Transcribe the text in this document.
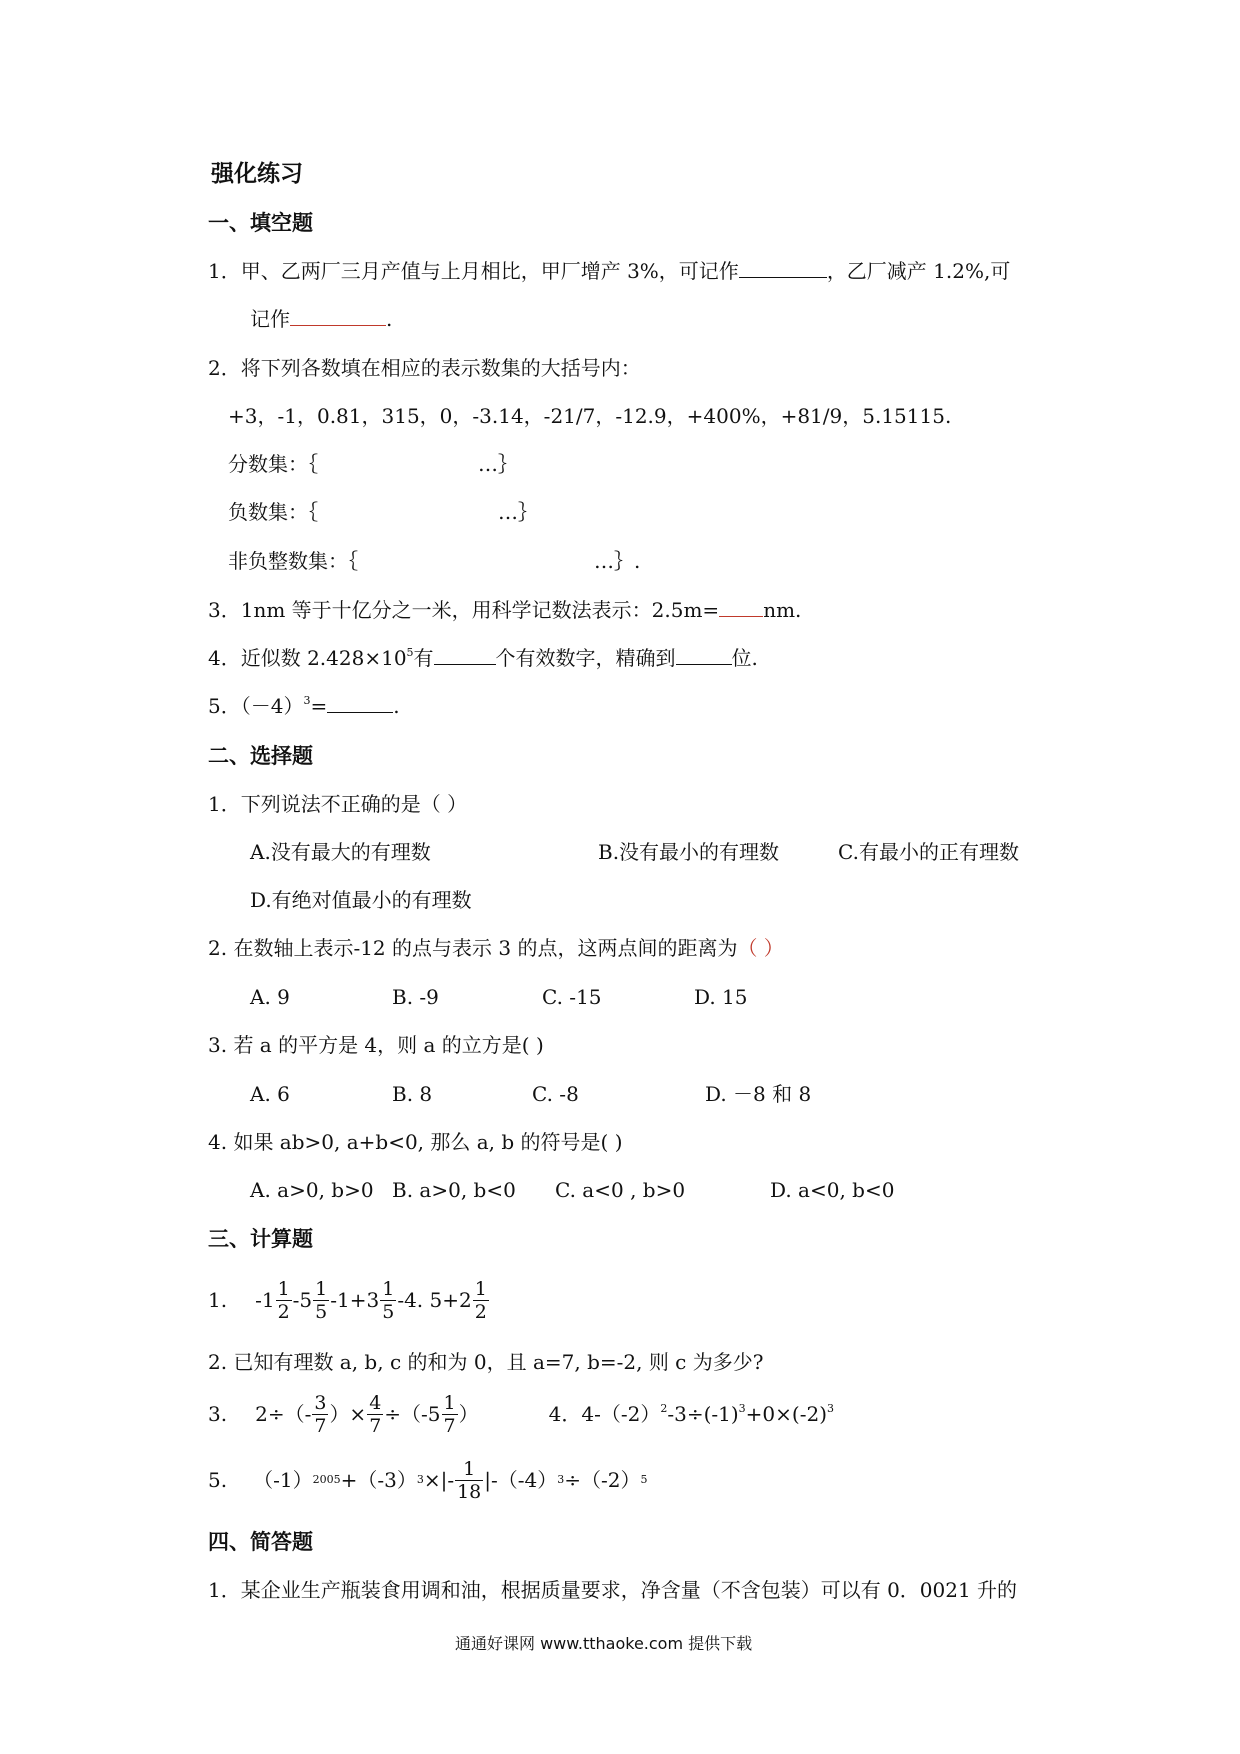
强化练习
一、填空题
1．甲、乙两厂三月产值与上月相比，甲厂增产 3%，可记作	，乙厂减产 1.2%,可
记作	.
2．将下列各数填在相应的表示数集的大括号内：
+3，-1，0.81，315，0，-3.14，-21/7，-12.9，+400%，+81/9，5.15115.
分数集：｛	…｝
负数集：｛	…｝
非负整数集：｛	…｝.
3．1nm 等于十亿分之一米，用科学记数法表示：2.5m= nm.
4．近似数 $2.428\times 10^5$有	个有效数字，精确到	位.
5．$(-4)^3=$	.
二、选择题
1．下列说法不正确的是（ ）
A.没有最大的有理数	B.没有最小的有理数	C.有最小的正有理数
D.有绝对值最小的有理数
2. 在数轴上表示-12 的点与表示 3 的点，这两点间的距离为（ ）
A. 9	B. -9	C. -15	D. 15
3. 若 a 的平方是 4，则 a 的立方是( )
A. 6	B. 8	C. -8	D. －8 和 8
4. 如果 ab>0, a+b<0, 那么 a, b 的符号是( )
A. a>0, b>0 B. a>0, b<0 C. a<0 , b>0	D. a<0, b<0
三、计算题
1. $-1 \frac{1}{2} -5 \frac{1}{5} -1+3 \frac{1}{5} -4$. $5+2 \frac{1}{2}$
2. 已知有理数 a, b, c 的和为 0，且 a=7, b=-2, 则 c 为多少?
3. $2\div(- \frac{3}{7}$ ）× $\frac{4}{7} \div(-5 \frac{1}{7}$ ）	4．$4-(-2)^2-3\div(-1)^3+0\times(-2)^3$
5. （-1） 2005 +（-3） 3 ×|- $\frac{1}{18} |-(-4)$ 3 ÷（-2） 5
四、简答题
1．某企业生产瓶装食用调和油，根据质量要求，净含量（不含包装）可以有 0．0021 升的
通通好课网 www.tthaoke.com 提供下载
